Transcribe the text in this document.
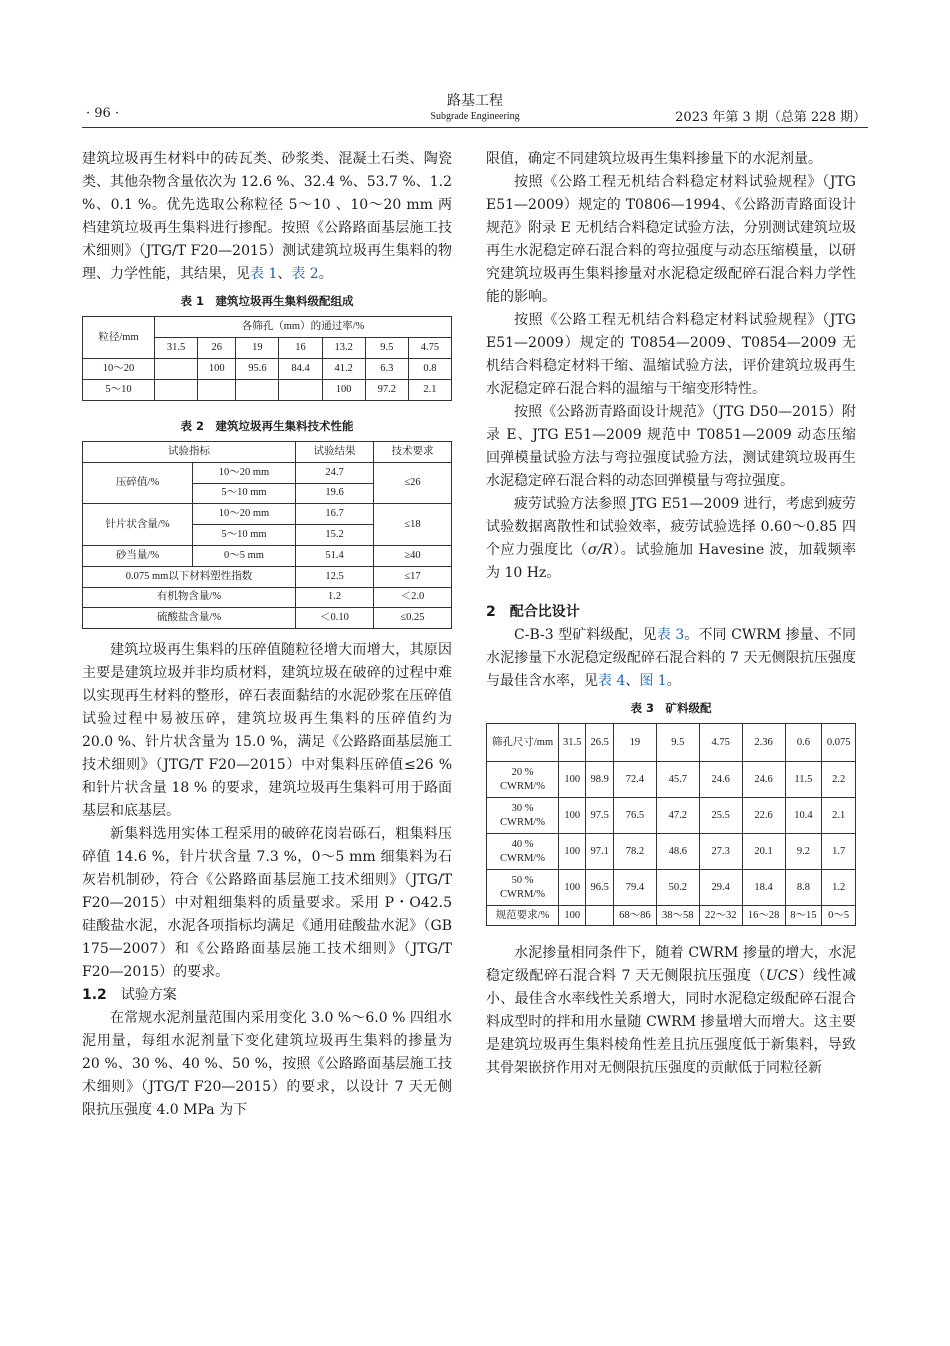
· 96 ·
路基工程
Subgrade Engineering	2023 年第 3 期（总第 228 期）

建筑垃圾再生材料中的砖瓦类、砂浆类、混凝土石类、陶瓷类、其他杂物含量依次为 12.6 %、32.4 %、53.7 %、1.2 %、0.1 %。优先选取公称粒径 5～10 、10～20 mm 两档建筑垃圾再生集料进行掺配。按照《公路路面基层施工技术细则》（JTG/T F20—2015）测试建筑垃圾再生集料的物理、力学性能，其结果，见表 1、表 2。

表 1　建筑垃圾再生集料级配组成
粒径/mm	各筛孔（mm）的通过率/%						
	31.5	26	19	16	13.2	9.5	4.75
10～20		100	95.6	84.4	41.2	6.3	0.8
5～10					100	97.2	2.1
表 2　建筑垃圾再生集料技术性能
试验指标		试验结果	技术要求
压碎值/%	10～20 mm	24.7	≤26
	5～10 mm	19.6	
针片状含量/%	10～20 mm	16.7	≤18
	5～10 mm	15.2	
砂当量/%	0～5 mm	51.4	≥40
0.075 mm以下材料塑性指数		12.5	≤17
有机物含量/%		1.2	＜2.0
硫酸盐含量/%		＜0.10	≤0.25

建筑垃圾再生集料的压碎值随粒径增大而增大，其原因主要是建筑垃圾并非均质材料，建筑垃圾在破碎的过程中难以实现再生材料的整形，碎石表面黏结的水泥砂浆在压碎值试验过程中易被压碎，建筑垃圾再生集料的压碎值约为 20.0 %、针片状含量为 15.0 %，满足《公路路面基层施工技术细则》（JTG/T F20—2015）中对集料压碎值≤26 % 和针片状含量 18 % 的要求，建筑垃圾再生集料可用于路面基层和底基层。

新集料选用实体工程采用的破碎花岗岩砾石，粗集料压碎值 14.6 %，针片状含量 7.3 %，0～5 mm 细集料为石灰岩机制砂，符合《公路路面基层施工技术细则》（JTG/T F20—2015）中对粗细集料的质量要求。采用 P・O42.5 硅酸盐水泥，水泥各项指标均满足《通用硅酸盐水泥》（GB 175—2007）和《公路路面基层施工技术细则》（JTG/T F20—2015）的要求。

1.2　 试验方案

在常规水泥剂量范围内采用变化 3.0 %～6.0 % 四组水泥用量，每组水泥剂量下变化建筑垃圾再生集料的掺量为 20 %、30 %、40 %、50 %，按照《公路路面基层施工技术细则》（JTG/T F20—2015）的要求，以设计 7 天无侧限抗压强度 4.0 MPa 为下

限值，确定不同建筑垃圾再生集料掺量下的水泥剂量。

按照《公路工程无机结合料稳定材料试验规程》（JTG E51—2009）规定的 T0806—1994、《公路沥青路面设计规范》附录 E 无机结合料稳定试验方法，分别测试建筑垃圾再生水泥稳定碎石混合料的弯拉强度与动态压缩模量，以研究建筑垃圾再生集料掺量对水泥稳定级配碎石混合料力学性能的影响。

按照《公路工程无机结合料稳定材料试验规程》（JTG E51—2009）规定的 T0854—2009、T0854—2009 无机结合料稳定材料干缩、温缩试验方法，评价建筑垃圾再生水泥稳定碎石混合料的温缩与干缩变形特性。

按照《公路沥青路面设计规范》（JTG D50—2015）附录 E、JTG E51—2009 规范中 T0851—2009 动态压缩回弹模量试验方法与弯拉强度试验方法，测试建筑垃圾再生水泥稳定碎石混合料的动态回弹模量与弯拉强度。

疲劳试验方法参照 JTG E51—2009 进行，考虑到疲劳试验数据离散性和试验效率，疲劳试验选择 0.60～0.85 四个应力强度比（σ/R）。试验施加 Havesine 波，加载频率为 10 Hz。

2　 配合比设计

C-B-3 型矿料级配，见表 3。不同 CWRM 掺量、不同水泥掺量下水泥稳定级配碎石混合料的 7 天无侧限抗压强度与最佳含水率，见表 4、图 1。

表 3　矿料级配
筛孔尺寸/mm	31.5	26.5	19	9.5	4.75	2.36	0.6	0.075
20 % CWRM/%	100	98.9	72.4	45.7	24.6	24.6	11.5	2.2
30 % CWRM/%	100	97.5	76.5	47.2	25.5	22.6	10.4	2.1
40 % CWRM/%	100	97.1	78.2	48.6	27.3	20.1	9.2	1.7
50 % CWRM/%	100	96.5	79.4	50.2	29.4	18.4	8.8	1.2
规范要求/%	100		68～86	38～58	22～32	16～28	8～15	0～5

水泥掺量相同条件下，随着 CWRM 掺量的增大，水泥稳定级配碎石混合料 7 天无侧限抗压强度（UCS）线性减小、最佳含水率线性关系增大，同时水泥稳定级配碎石混合料成型时的拌和用水量随 CWRM 掺量增大而增大。这主要是建筑垃圾再生集料棱角性差且抗压强度低于新集料，导致其骨架嵌挤作用对无侧限抗压强度的贡献低于同粒径新
